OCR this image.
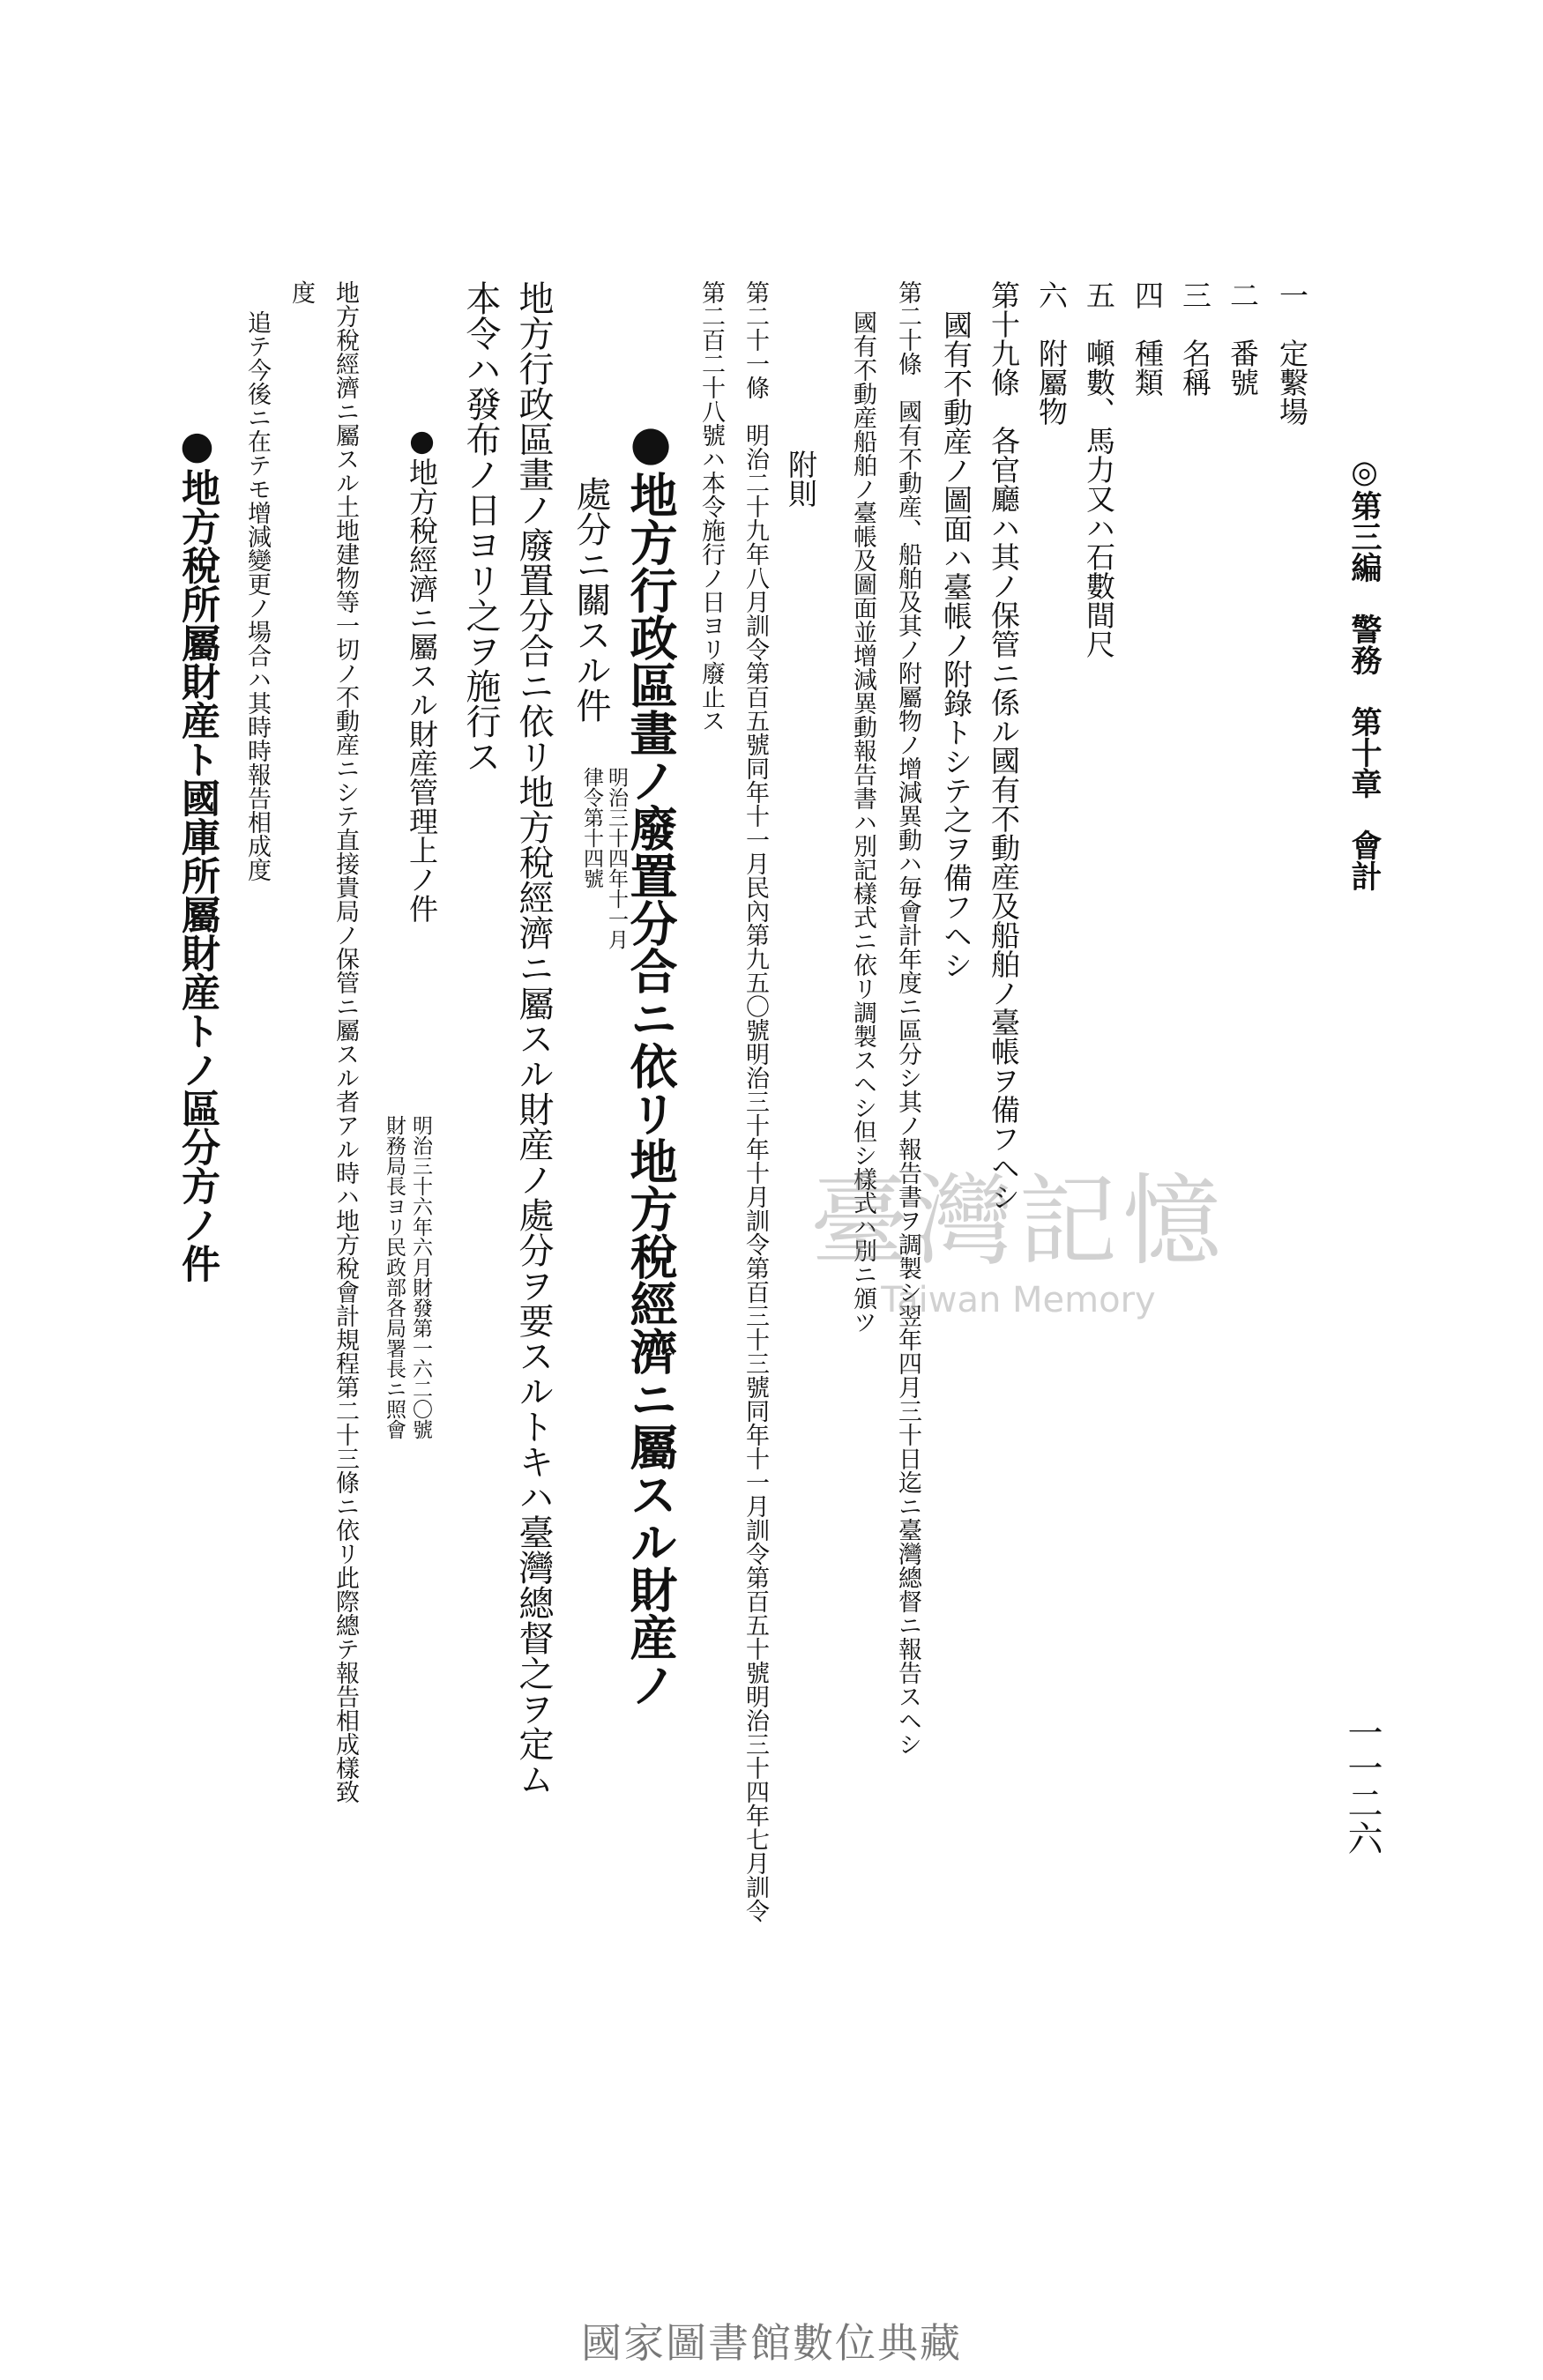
◎第三編　警務　第十章　會計
一一二六
一　定繫場
二　番號
三　名稱
四　種類
五　噸數、馬力又ハ石數間尺
六　附屬物
第十九條　各官廳ハ其ノ保管ニ係ル國有不動産及船舶ノ臺帳ヲ備フヘシ
國有不動産ノ圖面ハ臺帳ノ附錄トシテ之ヲ備フヘシ
第二十條　國有不動産、船舶及其ノ附屬物ノ增減異動ハ毎會計年度ニ區分シ其ノ報告書ヲ調製シ翌年四月三十日迄ニ臺灣總督ニ報告スヘシ
國有不動産船舶ノ臺帳及圖面並增減異動報告書ハ別記樣式ニ依リ調製スヘシ但シ樣式ハ別ニ頒ツ
附則
第二十一條　明治二十九年八月訓令第百五號同年十一月民內第九五〇號明治三十年十月訓令第百三十三號同年十一月訓令第百五十號明治三十四年七月訓令
第二百二十八號ハ本令施行ノ日ヨリ廢止ス
●地方行政區畫ノ廢置分合ニ依リ地方稅經濟ニ屬スル財産ノ
處分ニ關スル件
明治三十四年十一月
律令第十四號
地方行政區畫ノ廢置分合ニ依リ地方稅經濟ニ屬スル財産ノ處分ヲ要スルトキハ臺灣總督之ヲ定ム
本令ハ發布ノ日ヨリ之ヲ施行ス
●地方稅經濟ニ屬スル財産管理上ノ件
明治三十六年六月財發第一六二〇號
財務局長ヨリ民政部各局署長ニ照會
地方稅經濟ニ屬スル土地建物等一切ノ不動産ニシテ直接貴局ノ保管ニ屬スル者アル時ハ地方稅會計規程第二十三條ニ依リ此際總テ報告相成樣致
度
追テ今後ニ在テモ增減變更ノ場合ハ其時時報告相成度
●地方稅所屬財産ト國庫所屬財産トノ區分方ノ件	臺灣記憶
Taiwan Memory
國家圖書館數位典藏
